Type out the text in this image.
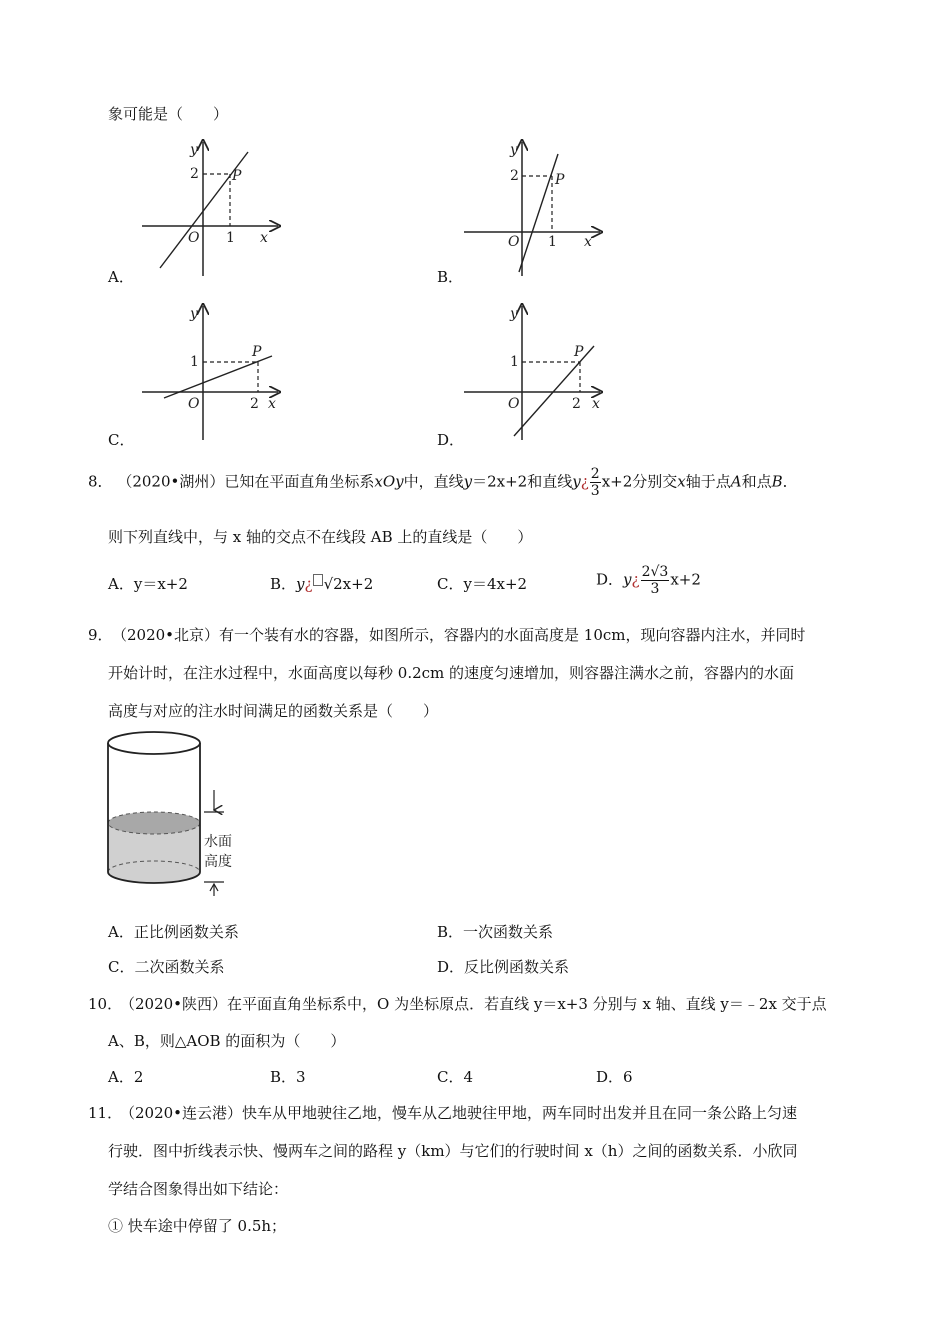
象可能是（　　）
y
2 P
O 1 x
A．
y
2	P
O 1 x
B．
y
1
P
O	2 x
C．
y
1
P
O	2 x
D．
8． （2020•湖州）已知在平面直角坐标系xOy中，直线y＝2x+2和直线y¿ $\frac{2}{3} x+2$分别交x轴于点A和点B．
则下列直线中，与 x 轴的交点不在线段 AB 上的直线是（　　）
A．y＝x+2	B．y¿ √2x+2	C．y＝4x+2	D．y¿ $\frac{2√3}{3} x+2$
9． （2020•北京）有一个装有水的容器，如图所示，容器内的水面高度是 10cm，现向容器内注水，并同时
开始计时，在注水过程中，水面高度以每秒 0.2cm 的速度匀速增加，则容器注满水之前，容器内的水面
高度与对应的注水时间满足的函数关系是（　　）
水面
高度
A．正比例函数关系	B．一次函数关系
C．二次函数关系	D．反比例函数关系
10．
（2020•陕西）在平面直角坐标系中，O 为坐标原点．若直线 y＝x+3 分别与 x 轴、直线 y＝﹣2x 交于点
A、B，则△AOB 的面积为（　　）
A．2	B．3	C．4	D．6
11．
（2020•连云港）快车从甲地驶往乙地，慢车从乙地驶往甲地，两车同时出发并且在同一条公路上匀速
行驶．图中折线表示快、慢两车之间的路程 y（km）与它们的行驶时间 x（h）之间的函数关系．小欣同
学结合图象得出如下结论：
① 快车途中停留了 0.5h；
